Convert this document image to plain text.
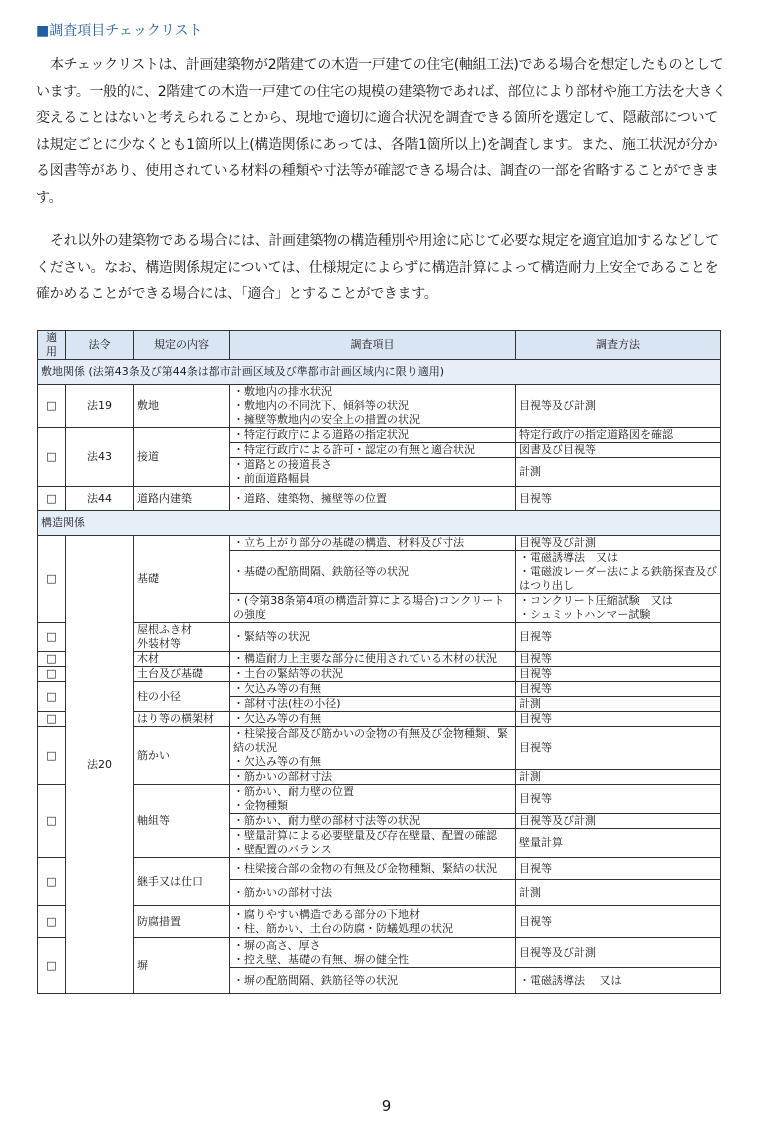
■調査項目チェックリスト

本チェックリストは、計画建築物が2階建ての木造一戸建ての住宅(軸組工法)である場合を想定したものとしています。一般的に、2階建ての木造一戸建ての住宅の規模の建築物であれば、部位により部材や施工方法を大きく変えることはないと考えられることから、現地で適切に適合状況を調査できる箇所を選定して、隠蔽部については規定ごとに少なくとも1箇所以上(構造関係にあっては、各階1箇所以上)を調査します。また、施工状況が分かる図書等があり、使用されている材料の種類や寸法等が確認できる場合は、調査の一部を省略することができます。

それ以外の建築物である場合には、計画建築物の構造種別や用途に応じて必要な規定を適宜追加するなどしてください。なお、構造関係規定については、仕様規定によらずに構造計算によって構造耐力上安全であることを確かめることができる場合には、「適合」とすることができます。

適用	法令	規定の内容	調査項目	調査方法
敷地関係 (法第43条及び第44条は都市計画区域及び準都市計画区域内に限り適用)				
□	法19	敷地	・敷地内の排水状況
・敷地内の不同沈下、傾斜等の状況
・擁壁等敷地内の安全上の措置の状況	目視等及び計測
□	法43	接道	・特定行政庁による道路の指定状況	特定行政庁の指定道路図を確認
			・特定行政庁による許可・認定の有無と適合状況	図書及び目視等
			・道路との接道長さ
・前面道路幅員	計測
□	法44	道路内建築	・道路、建築物、擁壁等の位置	目視等
構造関係				
□	法20	基礎	・立ち上がり部分の基礎の構造、材料及び寸法	目視等及び計測
			・基礎の配筋間隔、鉄筋径等の状況	・電磁誘導法　又は
・電磁波レーダー法による鉄筋探査及びはつり出し
			・(令第38条第4項の構造計算による場合)コンクリートの強度	・コンクリート圧縮試験　又は
・シュミットハンマー試験
□		屋根ふき材
外装材等	・緊結等の状況	目視等
□		木材	・構造耐力上主要な部分に使用されている木材の状況	目視等
□		土台及び基礎	・土台の緊結等の状況	目視等
□		柱の小径	・欠込み等の有無	目視等
			・部材寸法(柱の小径)	計測
□		はり等の横架材	・欠込み等の有無	目視等
□		筋かい	・柱梁接合部及び筋かいの金物の有無及び金物種類、緊結の状況
・欠込み等の有無	目視等
			・筋かいの部材寸法	計測
□		軸組等	・筋かい、耐力壁の位置
・金物種類	目視等
			・筋かい、耐力壁の部材寸法等の状況	目視等及び計測
			・壁量計算による必要壁量及び存在壁量、配置の確認
・壁配置のバランス	壁量計算
□		継手又は仕口	・柱梁接合部の金物の有無及び金物種類、緊結の状況	目視等
			・筋かいの部材寸法	計測
□		防腐措置	・腐りやすい構造である部分の下地材
・柱、筋かい、土台の防腐・防蟻処理の状況	目視等
□		塀	・塀の高さ、厚さ
・控え壁、基礎の有無、塀の健全性	目視等及び計測
			・塀の配筋間隔、鉄筋径等の状況	・電磁誘導法　 又は
9
